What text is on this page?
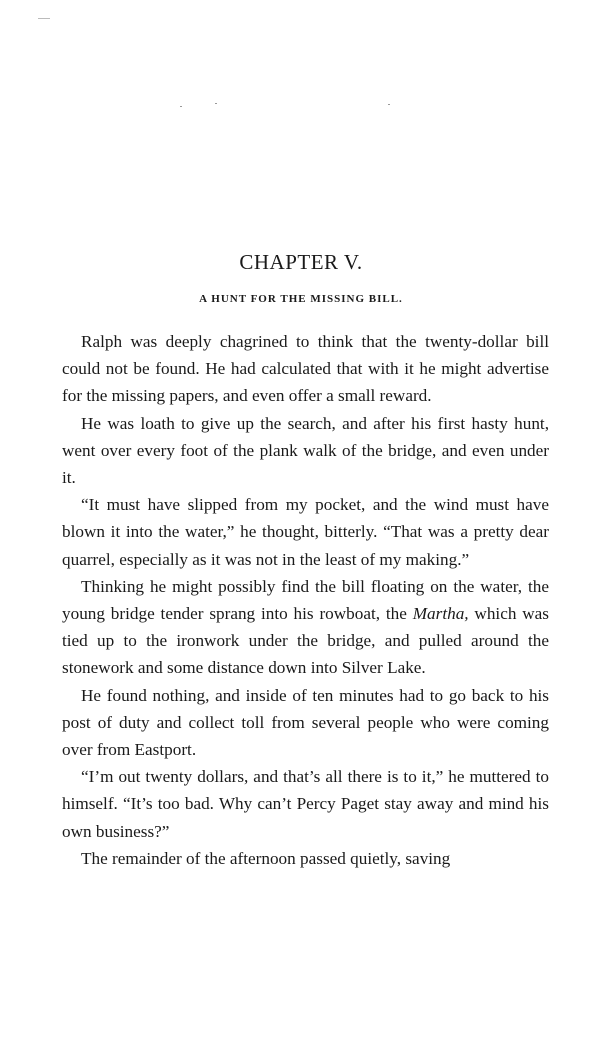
CHAPTER V.
A HUNT FOR THE MISSING BILL.

Ralph was deeply chagrined to think that the twenty-dollar bill could not be found. He had calculated that with it he might advertise for the missing papers, and even offer a small reward.

He was loath to give up the search, and after his first hasty hunt, went over every foot of the plank walk of the bridge, and even under it.

“It must have slipped from my pocket, and the wind must have blown it into the water,” he thought, bitterly. “That was a pretty dear quarrel, especially as it was not in the least of my making.”

Thinking he might possibly find the bill floating on the water, the young bridge tender sprang into his rowboat, the Martha, which was tied up to the ironwork under the bridge, and pulled around the stonework and some distance down into Silver Lake.

He found nothing, and inside of ten minutes had to go back to his post of duty and collect toll from several people who were coming over from Eastport.

“I’m out twenty dollars, and that’s all there is to it,” he muttered to himself. “It’s too bad. Why can’t Percy Paget stay away and mind his own business?”

The remainder of the afternoon passed quietly, saving
